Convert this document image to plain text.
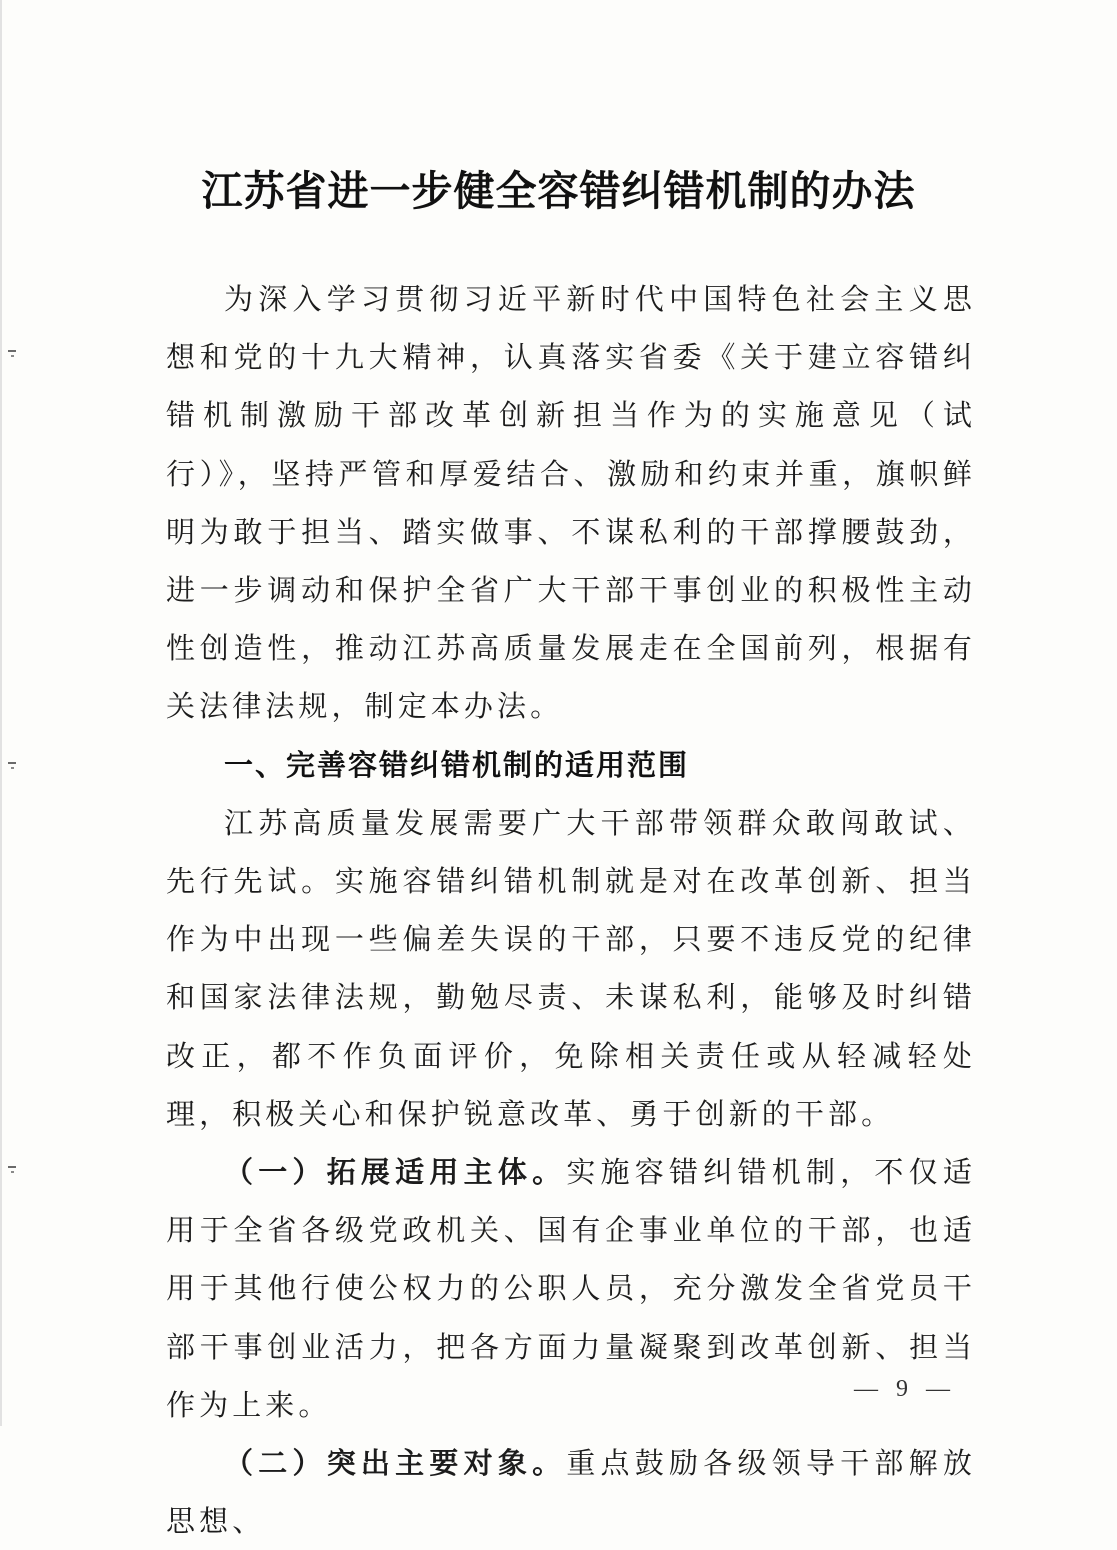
江苏省进一步健全容错纠错机制的办法

为深入学习贯彻习近平新时代中国特色社会主义思想和党的十九大精神，认真落实省委《关于建立容错纠错机制激励干部改革创新担当作为的实施意见（试行）》，坚持严管和厚爱结合、激励和约束并重，旗帜鲜明为敢于担当、踏实做事、不谋私利的干部撑腰鼓劲，进一步调动和保护全省广大干部干事创业的积极性主动性创造性，推动江苏高质量发展走在全国前列，根据有关法律法规，制定本办法。

一、完善容错纠错机制的适用范围

江苏高质量发展需要广大干部带领群众敢闯敢试、先行先试。实施容错纠错机制就是对在改革创新、担当作为中出现一些偏差失误的干部，只要不违反党的纪律和国家法律法规，勤勉尽责、未谋私利，能够及时纠错改正，都不作负面评价，免除相关责任或从轻减轻处理，积极关心和保护锐意改革、勇于创新的干部。

（一）拓展适用主体。实施容错纠错机制，不仅适用于全省各级党政机关、国有企事业单位的干部，也适用于其他行使公权力的公职人员，充分激发全省党员干部干事创业活力，把各方面力量凝聚到改革创新、担当作为上来。

（二）突出主要对象。重点鼓励各级领导干部解放思想、

— 9 —
